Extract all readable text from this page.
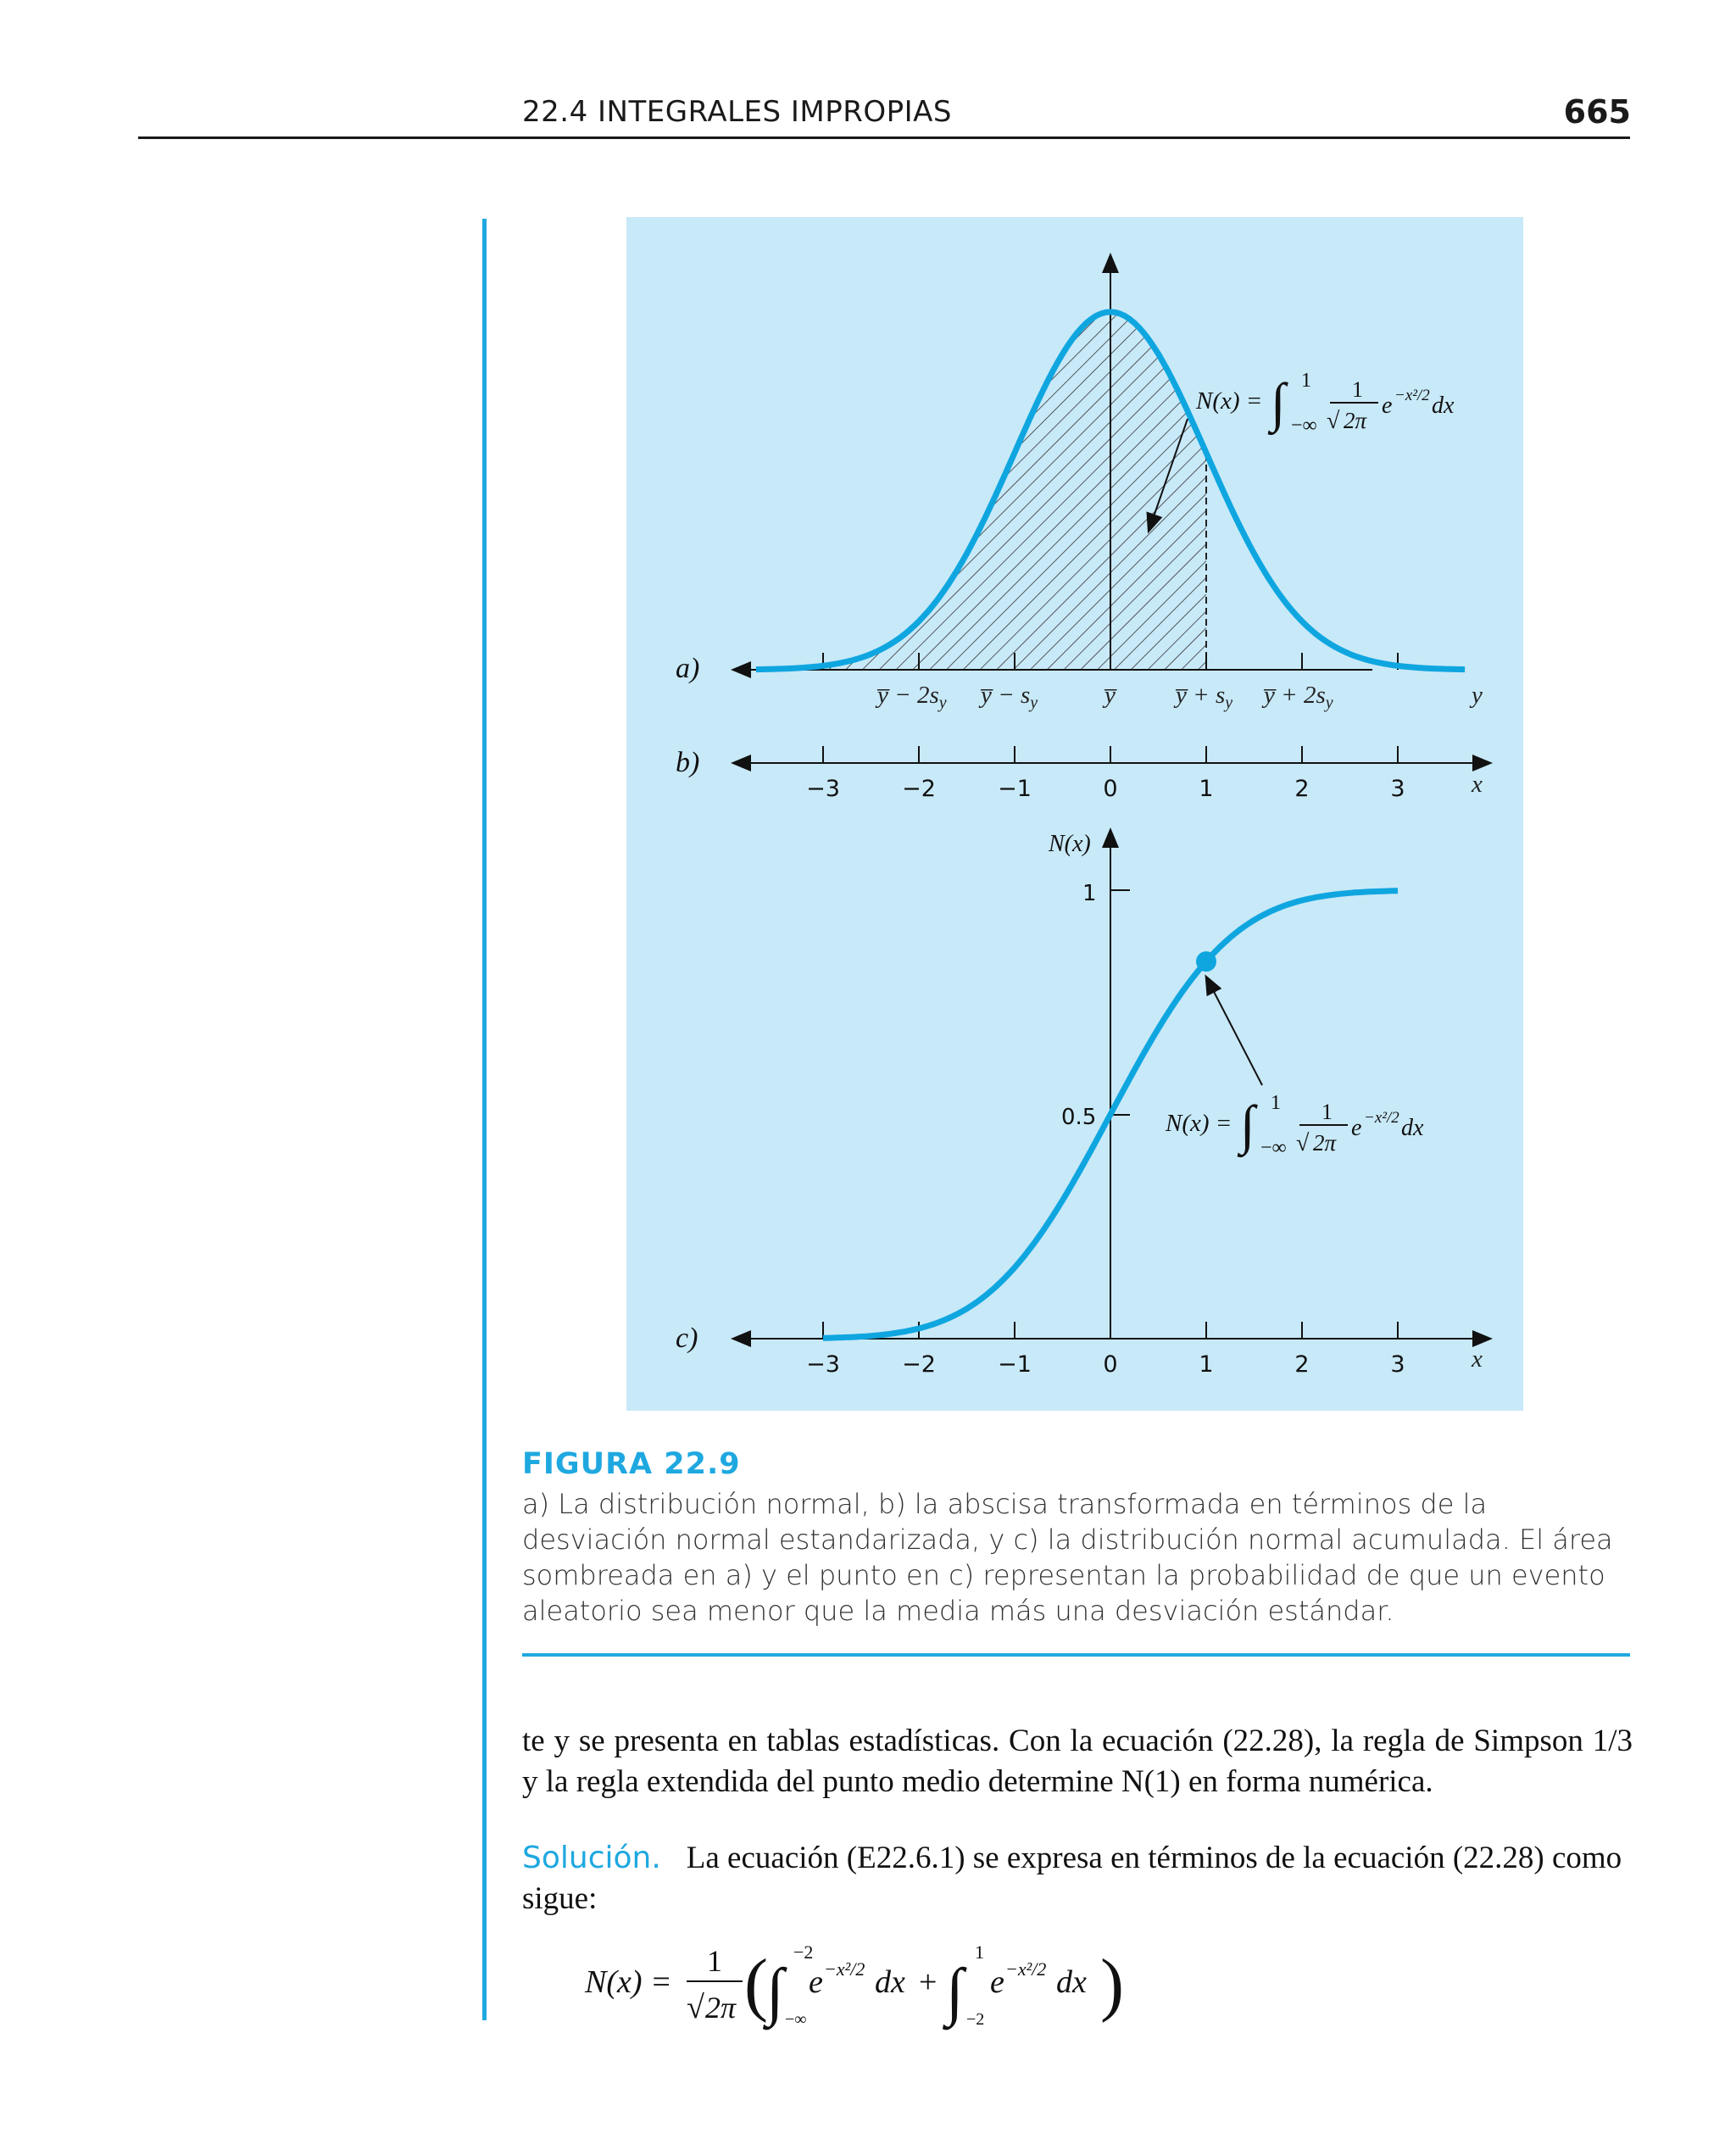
22.4 INTEGRALES IMPROPIAS	665
a)
y̅ − $2s_y$ y̅ − $s_y$	y̅ y̅ + $s_y$ y̅ + $2s_y$	y
N(x) = ∫ 1
−∞
1
√ 2π
e −x²/2 dx
−3	−2	−1	0	1	2	3
b)
x
−3	−2	−1	0	1	2	3
1
0.5
N(x)
c)
x
N(x) = ∫ 1
−∞
1
√ 2π
e −x²/2 dx
FIGURA 22.9
a) La distribución normal, b) la abscisa transformada en términos de la desviación normal estandarizada, y c) la distribución normal acumulada. El área sombreada en a) y el punto en c) representan la probabilidad de que un evento aleatorio sea menor que la media más una desviación estándar.
te y se presenta en tablas estadísticas. Con la ecuación (22.28), la regla de Simpson 1/3 y la regla extendida del punto medio determine N(1) en forma numérica.
Solución. La ecuación (E22.6.1) se expresa en términos de la ecuación (22.28) como sigue:
N(x) =
1
√ 2π (
∫
−2
−∞
e −x²/2 dx + ∫
1
−2
e −x²/2 dx )
